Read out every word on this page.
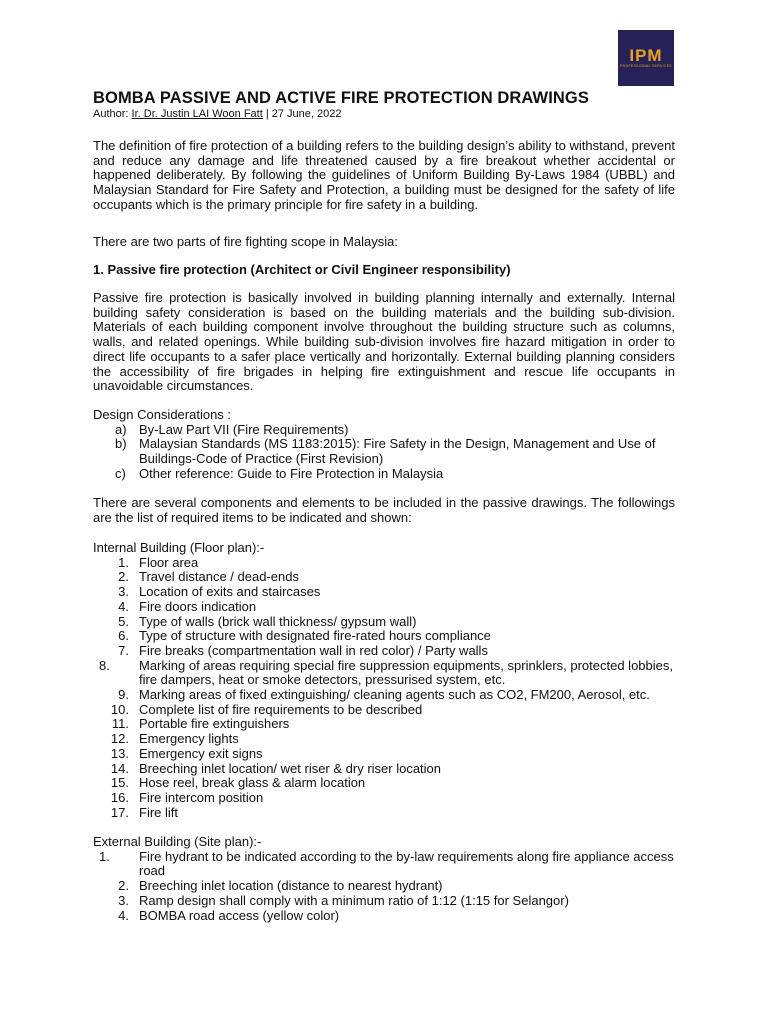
IPM
PROFESSIONAL SERVICES
BOMBA PASSIVE AND ACTIVE FIRE PROTECTION DRAWINGS
Author: Ir. Dr. Justin LAI Woon Fatt | 27 June, 2022

The definition of fire protection of a building refers to the building design’s ability to withstand, prevent and reduce any damage and life threatened caused by a fire breakout whether accidental or happened deliberately. By following the guidelines of Uniform Building By-Laws 1984 (UBBL) and Malaysian Standard for Fire Safety and Protection, a building must be designed for the safety of life occupants which is the primary principle for fire safety in a building.

There are two parts of fire fighting scope in Malaysia:

1. Passive fire protection (Architect or Civil Engineer responsibility)

Passive fire protection is basically involved in building planning internally and externally. Internal building safety consideration is based on the building materials and the building sub-division. Materials of each building component involve throughout the building structure such as columns, walls, and related openings. While building sub-division involves fire hazard mitigation in order to direct life occupants to a safer place vertically and horizontally. External building planning considers the accessibility of fire brigades in helping fire extinguishment and rescue life occupants in unavoidable circumstances.

Design Considerations :

a) By-Law Part VII (Fire Requirements)
b) Malaysian Standards (MS 1183:2015): Fire Safety in the Design, Management and Use of Buildings-Code of Practice (First Revision)
c)	Other reference: Guide to Fire Protection in Malaysia

There are several components and elements to be included in the passive drawings. The followings are the list of required items to be indicated and shown:

Internal Building (Floor plan):-

1. Floor area
2. Travel distance / dead-ends
3. Location of exits and staircases
4. Fire doors indication
5. Type of walls (brick wall thickness/ gypsum wall)
6. Type of structure with designated fire-rated hours compliance
7. Fire breaks (compartmentation wall in red color) / Party walls
8.	Marking of areas requiring special fire suppression equipments, sprinklers, protected lobbies, fire dampers, heat or smoke detectors, pressurised system, etc.
9. Marking areas of fixed extinguishing/ cleaning agents such as CO2, FM200, Aerosol, etc.
10. Complete list of fire requirements to be described
11. Portable fire extinguishers
12. Emergency lights
13. Emergency exit signs
14. Breeching inlet location/ wet riser & dry riser location
15. Hose reel, break glass & alarm location
16. Fire intercom position
17. Fire lift

External Building (Site plan):-

1.	Fire hydrant to be indicated according to the by-law requirements along fire appliance access road
2. Breeching inlet location (distance to nearest hydrant)
3. Ramp design shall comply with a minimum ratio of 1:12 (1:15 for Selangor)
4. BOMBA road access (yellow color)
